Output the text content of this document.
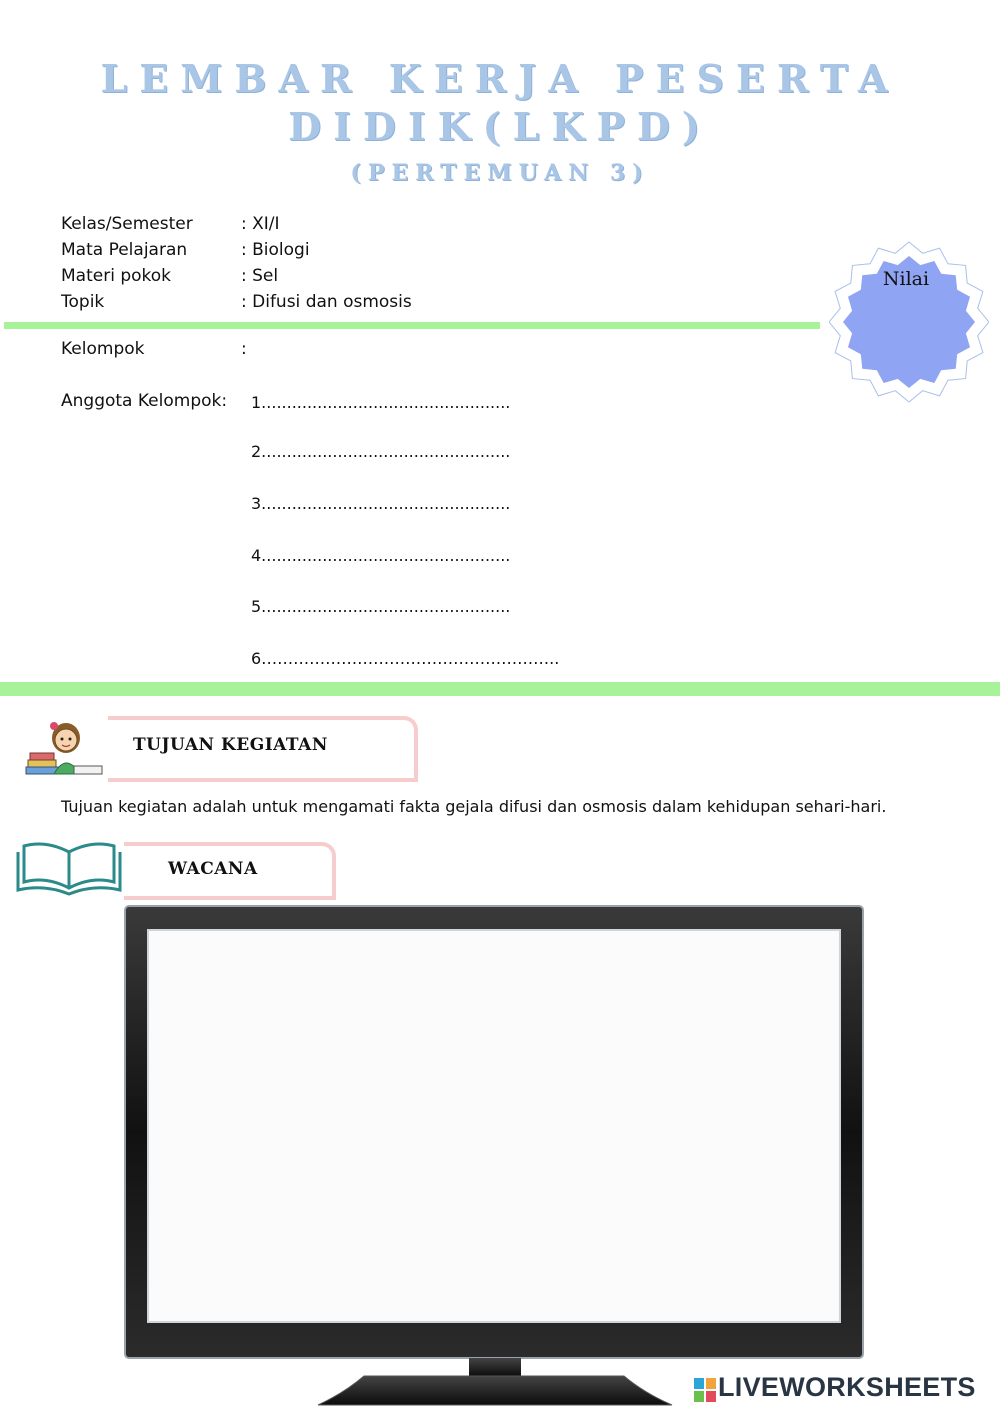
LEMBAR KERJA PESERTA
DIDIK(LKPD)
(PERTEMUAN 3)
Kelas/Semester	: XI/I
Mata Pelajaran	: Biologi
Materi pokok	: Sel
Topik	: Difusi dan osmosis
Nilai
Kelompok	:
Anggota Kelompok: 1.................................................
2.................................................
3.................................................
4.................................................
5.................................................
6………………………………………………..
TUJUAN KEGIATAN
Tujuan kegiatan adalah untuk mengamati fakta gejala difusi dan osmosis dalam kehidupan sehari-hari.
WACANA
LIVEWORKSHEETS
